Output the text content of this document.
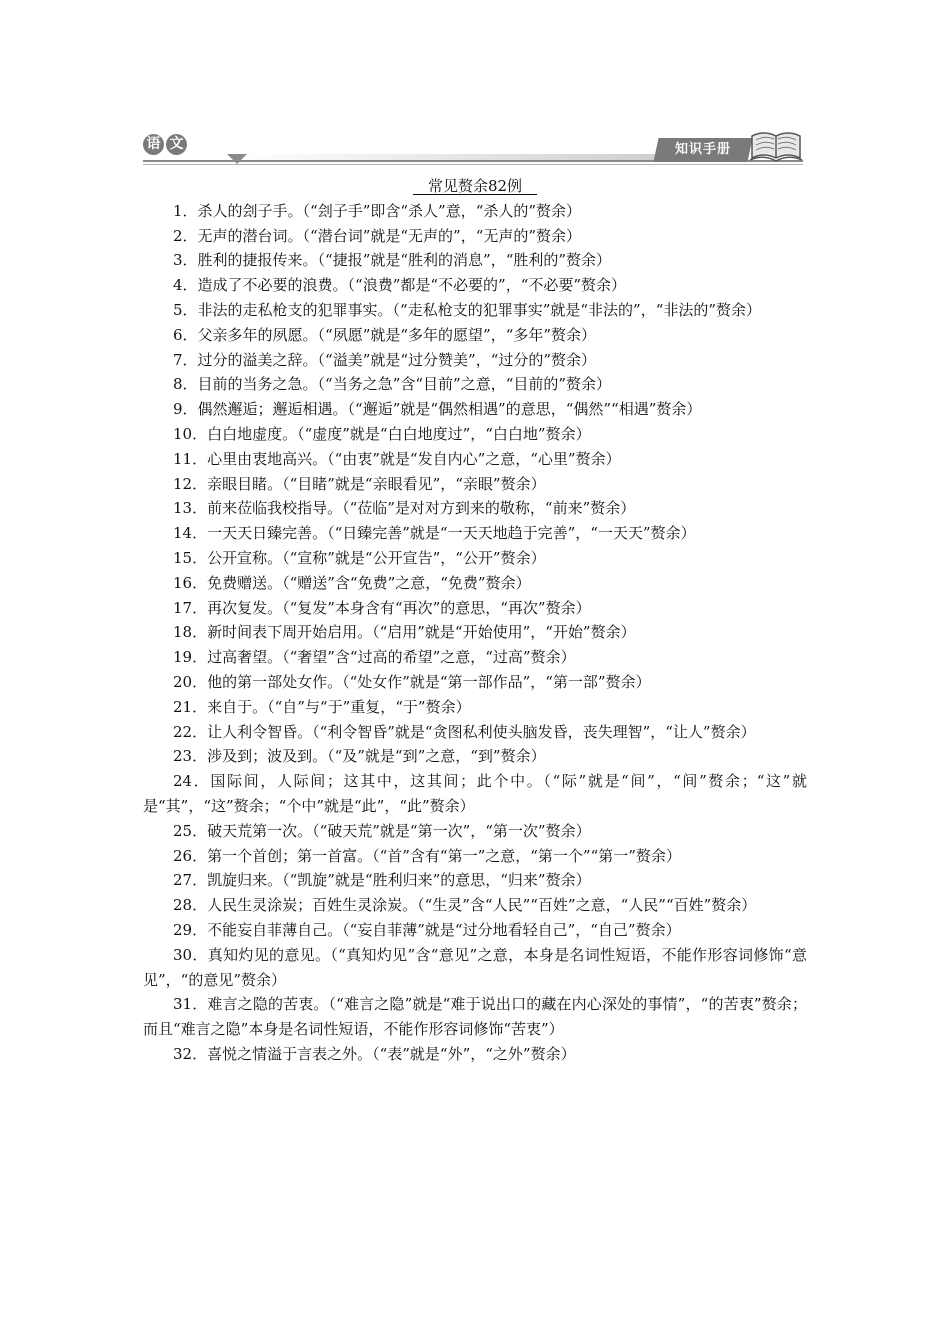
语 文	知识手册
　常见赘余82例　

1．杀人的刽子手。（“刽子手”即含“杀人”意，“杀人的”赘余）

2．无声的潜台词。（“潜台词”就是“无声的”，“无声的”赘余）

3．胜利的捷报传来。（“捷报”就是“胜利的消息”，“胜利的”赘余）

4．造成了不必要的浪费。（“浪费”都是“不必要的”，“不必要”赘余）

5．非法的走私枪支的犯罪事实。（“走私枪支的犯罪事实”就是“非法的”，“非法的”赘余）

6．父亲多年的夙愿。（“夙愿”就是“多年的愿望”，“多年”赘余）

7．过分的溢美之辞。（“溢美”就是“过分赞美”，“过分的”赘余）

8．目前的当务之急。（“当务之急”含“目前”之意，“目前的”赘余）

9．偶然邂逅；邂逅相遇。（“邂逅”就是“偶然相遇”的意思，“偶然”“相遇”赘余）

10．白白地虚度。（“虚度”就是“白白地度过”，“白白地”赘余）

11．心里由衷地高兴。（“由衷”就是“发自内心”之意，“心里”赘余）

12．亲眼目睹。（“目睹”就是“亲眼看见”，“亲眼”赘余）

13．前来莅临我校指导。（“莅临”是对对方到来的敬称，“前来”赘余）

14．一天天日臻完善。（“日臻完善”就是“一天天地趋于完善”，“一天天”赘余）

15．公开宣称。（“宣称”就是“公开宣告”，“公开”赘余）

16．免费赠送。（“赠送”含“免费”之意，“免费”赘余）

17．再次复发。（“复发”本身含有“再次”的意思，“再次”赘余）

18．新时间表下周开始启用。（“启用”就是“开始使用”，“开始”赘余）

19．过高奢望。（“奢望”含“过高的希望”之意，“过高”赘余）

20．他的第一部处女作。（“处女作”就是“第一部作品”，“第一部”赘余）

21．来自于。（“自”与“于”重复，“于”赘余）

22．让人利令智昏。（“利令智昏”就是“贪图私利使头脑发昏，丧失理智”，“让人”赘余）

23．涉及到；波及到。（“及”就是“到”之意，“到”赘余）

24．国际间，人际间；这其中，这其间；此个中。（“际”就是“间”，“间”赘余；“这”就是“其”，“这”赘余；“个中”就是“此”，“此”赘余）

25．破天荒第一次。（“破天荒”就是“第一次”，“第一次”赘余）

26．第一个首创；第一首富。（“首”含有“第一”之意，“第一个”“第一”赘余）

27．凯旋归来。（“凯旋”就是“胜利归来”的意思，“归来”赘余）

28．人民生灵涂炭；百姓生灵涂炭。（“生灵”含“人民”“百姓”之意，“人民”“百姓”赘余）

29．不能妄自菲薄自己。（“妄自菲薄”就是“过分地看轻自己”，“自己”赘余）

30．真知灼见的意见。（“真知灼见”含“意见”之意，本身是名词性短语，不能作形容词修饰“意见”，“的意见”赘余）

31．难言之隐的苦衷。（“难言之隐”就是“难于说出口的藏在内心深处的事情”，“的苦衷”赘余；而且“难言之隐”本身是名词性短语，不能作形容词修饰“苦衷”）

32．喜悦之情溢于言表之外。（“表”就是“外”，“之外”赘余）
